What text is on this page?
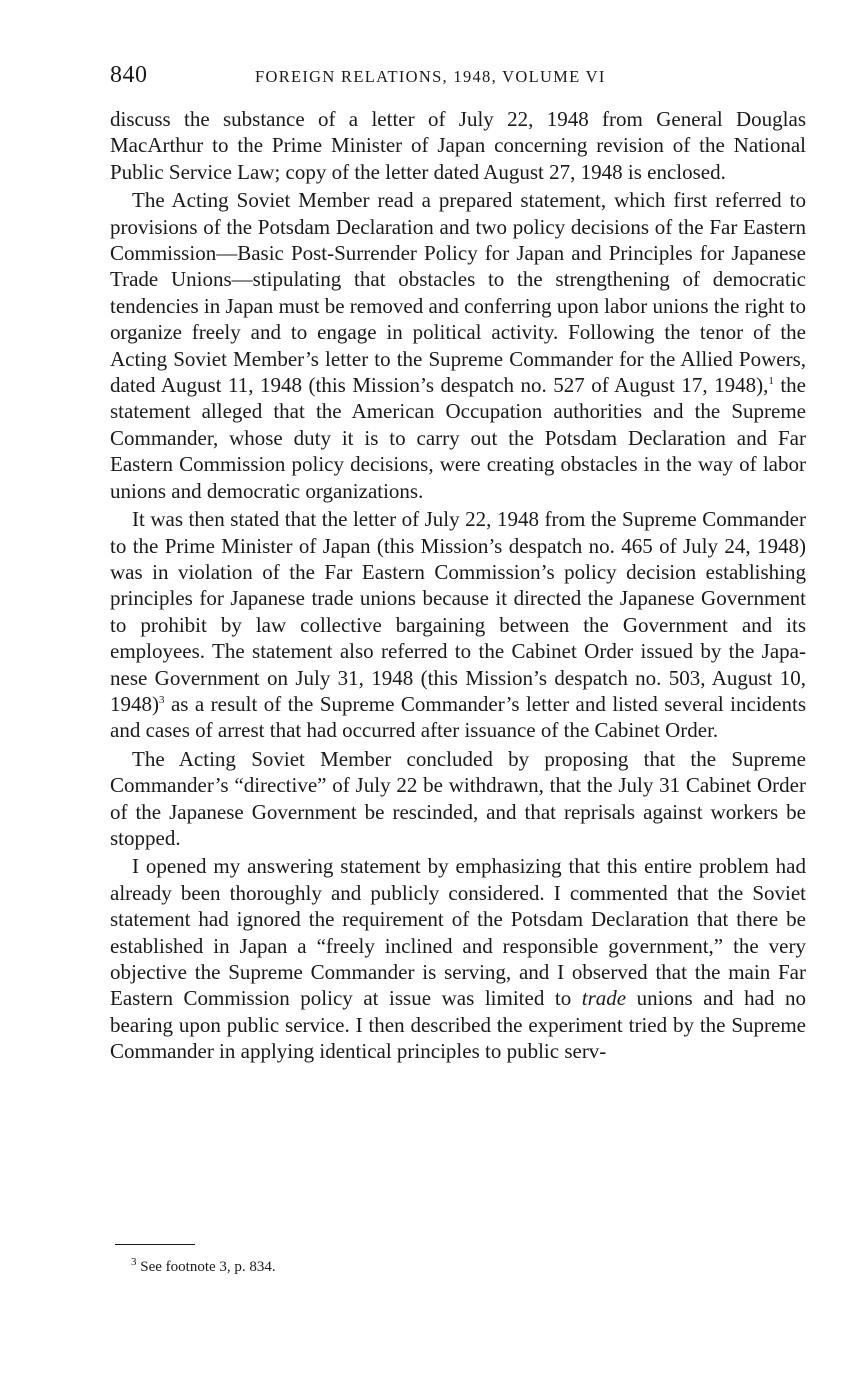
840	FOREIGN RELATIONS, 1948, VOLUME VI

discuss the substance of a letter of July 22, 1948 from General Douglas MacArthur to the Prime Minister of Japan concerning revision of the National Public Service Law; copy of the letter dated August 27, 1948 is enclosed.

The Acting Soviet Member read a prepared statement, which first referred to provisions of the Potsdam Declaration and two policy decisions of the Far Eastern Commission—Basic Post-Surrender Policy for Japan and Principles for Japanese Trade Unions—stipulating that obstacles to the strengthening of democratic tendencies in Japan must be removed and conferring upon labor unions the right to organize freely and to engage in political activity. Following the tenor of the Acting Soviet Member’s letter to the Supreme Commander for the Allied Powers, dated August 11, 1948 (this Mission’s despatch no. 527 of August 17, 1948),$^1$ the statement alleged that the American Occupation authorities and the Supreme Commander, whose duty it is to carry out the Potsdam Declaration and Far Eastern Commission policy decisions, were creating obstacles in the way of labor unions and democratic organizations.

It was then stated that the letter of July 22, 1948 from the Supreme Commander to the Prime Minister of Japan (this Mission’s despatch no. 465 of July 24, 1948) was in violation of the Far Eastern Commission’s policy decision establishing principles for Japanese trade unions because it directed the Japanese Government to prohibit by law collective bargaining between the Government and its employees. The statement also referred to the Cabinet Order issued by the Japanese Government on July 31, 1948 (this Mission’s despatch no. 503, August 10, 1948)$^3$ as a result of the Supreme Commander’s letter and listed several incidents and cases of arrest that had occurred after issuance of the Cabinet Order.

The Acting Soviet Member concluded by proposing that the Supreme Commander’s “directive” of July 22 be withdrawn, that the July 31 Cabinet Order of the Japanese Government be rescinded, and that reprisals against workers be stopped.

I opened my answering statement by emphasizing that this entire problem had already been thoroughly and publicly considered. I commented that the Soviet statement had ignored the requirement of the Potsdam Declaration that there be established in Japan a “freely inclined and responsible government,” the very objective the Supreme Commander is serving, and I observed that the main Far Eastern Commission policy at issue was limited to trade unions and had no bearing upon public service. I then described the experiment tried by the Supreme Commander in applying identical principles to public serv-

$^3$ See footnote 3, p. 834.
